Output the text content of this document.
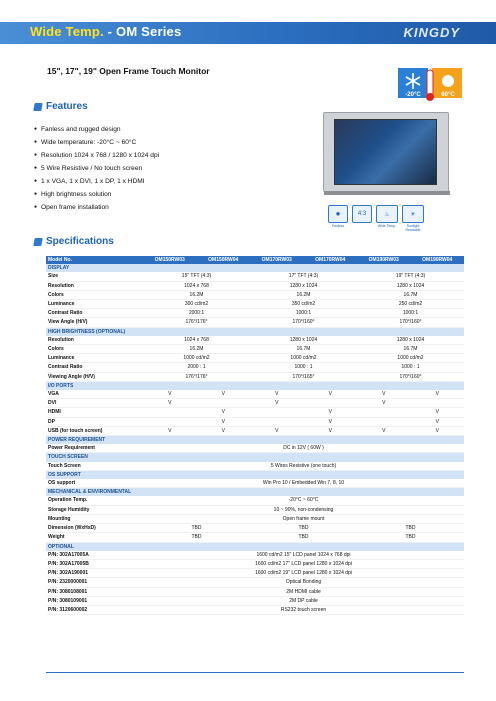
Wide Temp. - OM Series	KINGDY
15", 17", 19" Open Frame Touch Monitor
-20°C	60°C
Features
● Fanless and rugged design
● Wide temperature: -20°C ~ 60°C
● Resolution 1024 x 768 / 1280 x 1024 dpi
● 5 Wire Resistive / No touch screen
● 1 x VGA, 1 x DVI, 1 x DP, 1 x HDMI
● High brightness solution
● Open frame installation
✹	4:3	♨	☀
Fanless	Wide Temp.	Sunlight Readable
Specifications
Model No.	OM150RW03	OM150RW04	OM170RW03	OM170RW04	OM190RW03	OM190RW04
DISPLAY						
Size	15" TFT (4:3)		17" TFT (4:3)		19" TFT (4:3)	
Resolution	1024 x 768		1280 x 1024		1280 x 1024	
Colors	16.2M		16.2M		16.7M	
Luminance	300 cd/m2		350 cd/m2		250 cd/m2	
Contrast Ratio	2000:1		1000:1		1000:1	
View Angle (H/V)	176°/176°		170°/160°		170°/160°	
HIGH BRIGHTNESS (OPTIONAL)						
Resolution	1024 x 768		1280 x 1024		1280 x 1024	
Colors	16.2M		16.7M		16.7M	
Luminance	1000 cd/m2		1000 cd/m2		1000 cd/m2	
Contrast Ratio	2000 : 1		1000 : 1		1000 : 1	
Viewing Angle (H/V)	176°/176°		170°/165°		170°/160°	
I/O PORTS						
VGA	V	V	V	V	V	V
DVI	V		V		V	
HDMI		V		V		V
DP		V		V		V
USB (for touch screen)	V	V	V	V	V	V
POWER REQUIREMENT						
Power Requirement	DC in 12V ( 60W )					
TOUCH SCREEN						
Touch Screen	5 Wires Resistive (one touch)					
OS SUPPORT						
OS support	Win Pro 10 / Embedded Win 7, 8, 10					
MECHANICAL & ENVIRONMENTAL						
Operation Temp.	-20°C ~ 60°C					
Storage Humidity	10 ~ 90%, non-condensing					
Mounting	Open frame mount					
Dimension (WxHxD)	TBD		TBD		TBD	
Weight	TBD		TBD		TBD	
OPTIONAL						
P/N: 302A17005A	1600 cd/m2 15" LCD panel 1024 x 768 dpi					
P/N: 302A17005B	1600 cd/m2 17" LCD panel 1280 x 1024 dpi					
P/N: 302A190001	1600 cd/m2 19" LCD panel 1280 x 1024 dpi					
P/N: 2320000001	Optical Bonding					
P/N: 3080108001	2M HDMI cable					
P/N: 3080109001	2M DP cable					
P/N: 3120600002	RS232 touch screen					
